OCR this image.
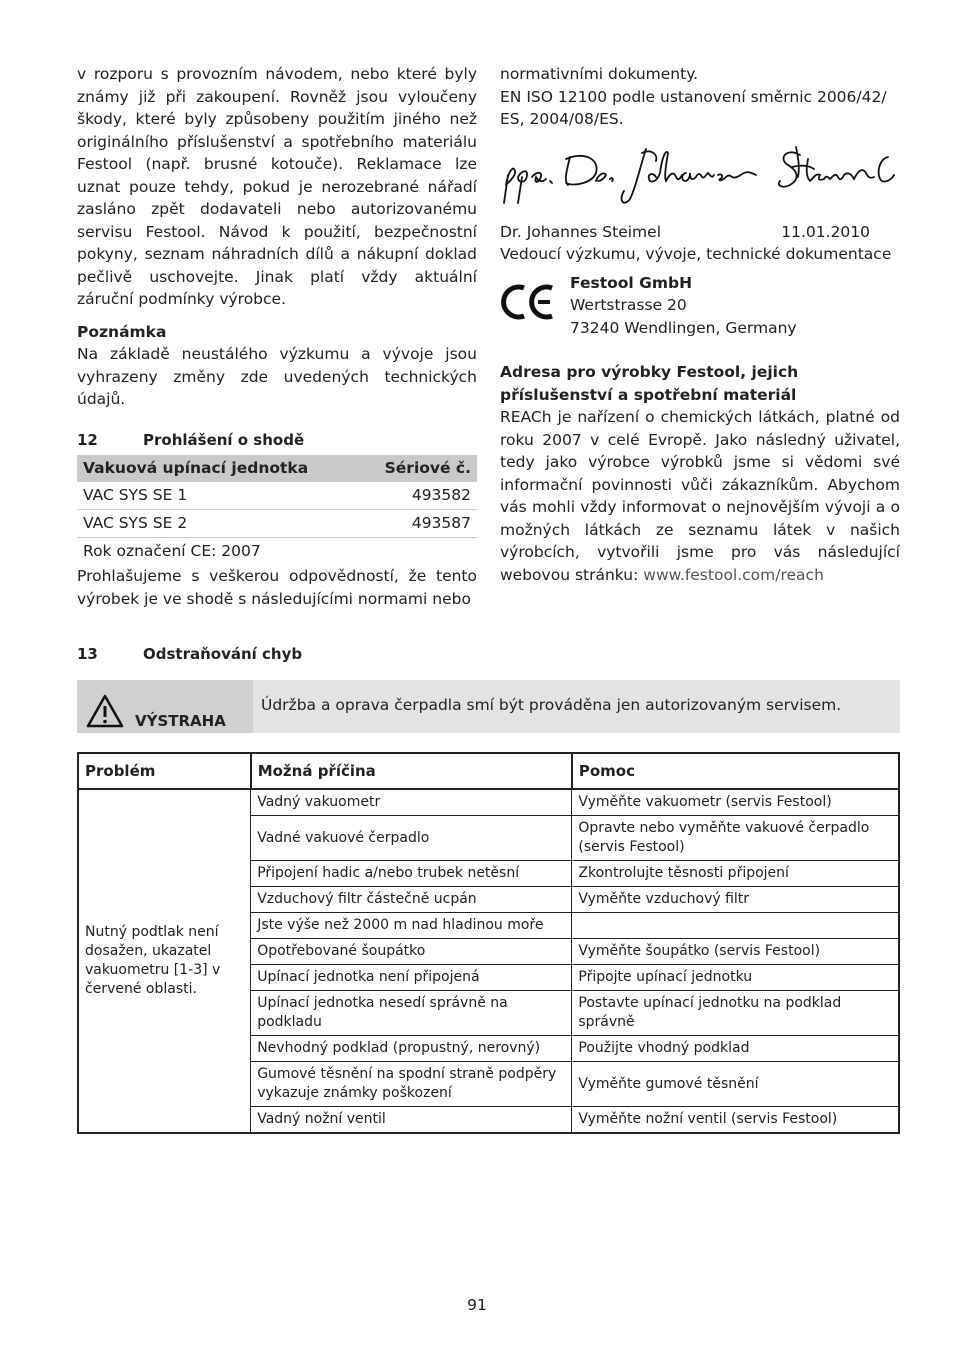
v rozporu s provozním návodem, nebo které byly známy již při zakoupení. Rovněž jsou vyloučeny škody, které byly způsobeny použitím jiného než originálního příslušenství a spotřebního materiálu Festool (např. brusné kotouče). Reklamace lze uznat pouze tehdy, pokud je nerozebrané nářadí zasláno zpět dodavateli nebo autorizovanému servisu Festool. Návod k použití, bezpečnostní pokyny, seznam náhradních dílů a nákupní doklad pečlivě uschovejte. Jinak platí vždy aktuální záruční podmínky výrobce.

Poznámka

Na základě neustálého výzkumu a vývoje jsou vyhrazeny změny zde uvedených technických údajů.

12	Prohlášení o shodě
Vakuová upínací jednotka	Sériové č.
VAC SYS SE 1	493582
VAC SYS SE 2	493587
Rok označení CE: 2007	

Prohlašujeme s veškerou odpovědností, že tento výrobek je ve shodě s následujícími normami nebo

normativními dokumenty.

EN ISO 12100 podle ustanovení směrnic 2006/42/ ES, 2004/08/ES.

Dr. Johannes Steimel	11.01.2010

Vedoucí výzkumu, vývoje, technické dokumentace

Festool GmbH
Wertstrasse 20
73240 Wendlingen, Germany

Adresa pro výrobky Festool, jejich příslušenství a spotřební materiál

REACh je nařízení o chemických látkách, platné od roku 2007 v celé Evropě. Jako následný uživatel, tedy jako výrobce výrobků jsme si vědomi své informační povinnosti vůči zákazníkům. Abychom vás mohli vždy informovat o nejnovějším vývoji a o možných látkách ze seznamu látek v našich výrobcích, vytvořili jsme pro vás následující webovou stránku: www.festool.com/reach

13	Odstraňování chyb
VÝSTRAHA
Údržba a oprava čerpadla smí být prováděna jen autorizovaným servisem.
Problém	Možná příčina	Pomoc
Nutný podtlak není dosažen, ukazatel vakuometru [1-3] v červené oblasti.	Vadný vakuometr	Vyměňte vakuometr (servis Festool)
	Vadné vakuové čerpadlo	Opravte nebo vyměňte vakuové čerpadlo (servis Festool)
	Připojení hadic a/nebo trubek netěsní	Zkontrolujte těsnosti připojení
	Vzduchový filtr částečně ucpán	Vyměňte vzduchový filtr
	Jste výše než 2000 m nad hladinou moře	
	Opotřebované šoupátko	Vyměňte šoupátko (servis Festool)
	Upínací jednotka není připojená	Připojte upínací jednotku
	Upínací jednotka nesedí správně na podkladu	Postavte upínací jednotku na podklad správně
	Nevhodný podklad (propustný, nerovný)	Použijte vhodný podklad
	Gumové těsnění na spodní straně podpěry vykazuje známky poškození	Vyměňte gumové těsnění
	Vadný nožní ventil	Vyměňte nožní ventil (servis Festool)
91
